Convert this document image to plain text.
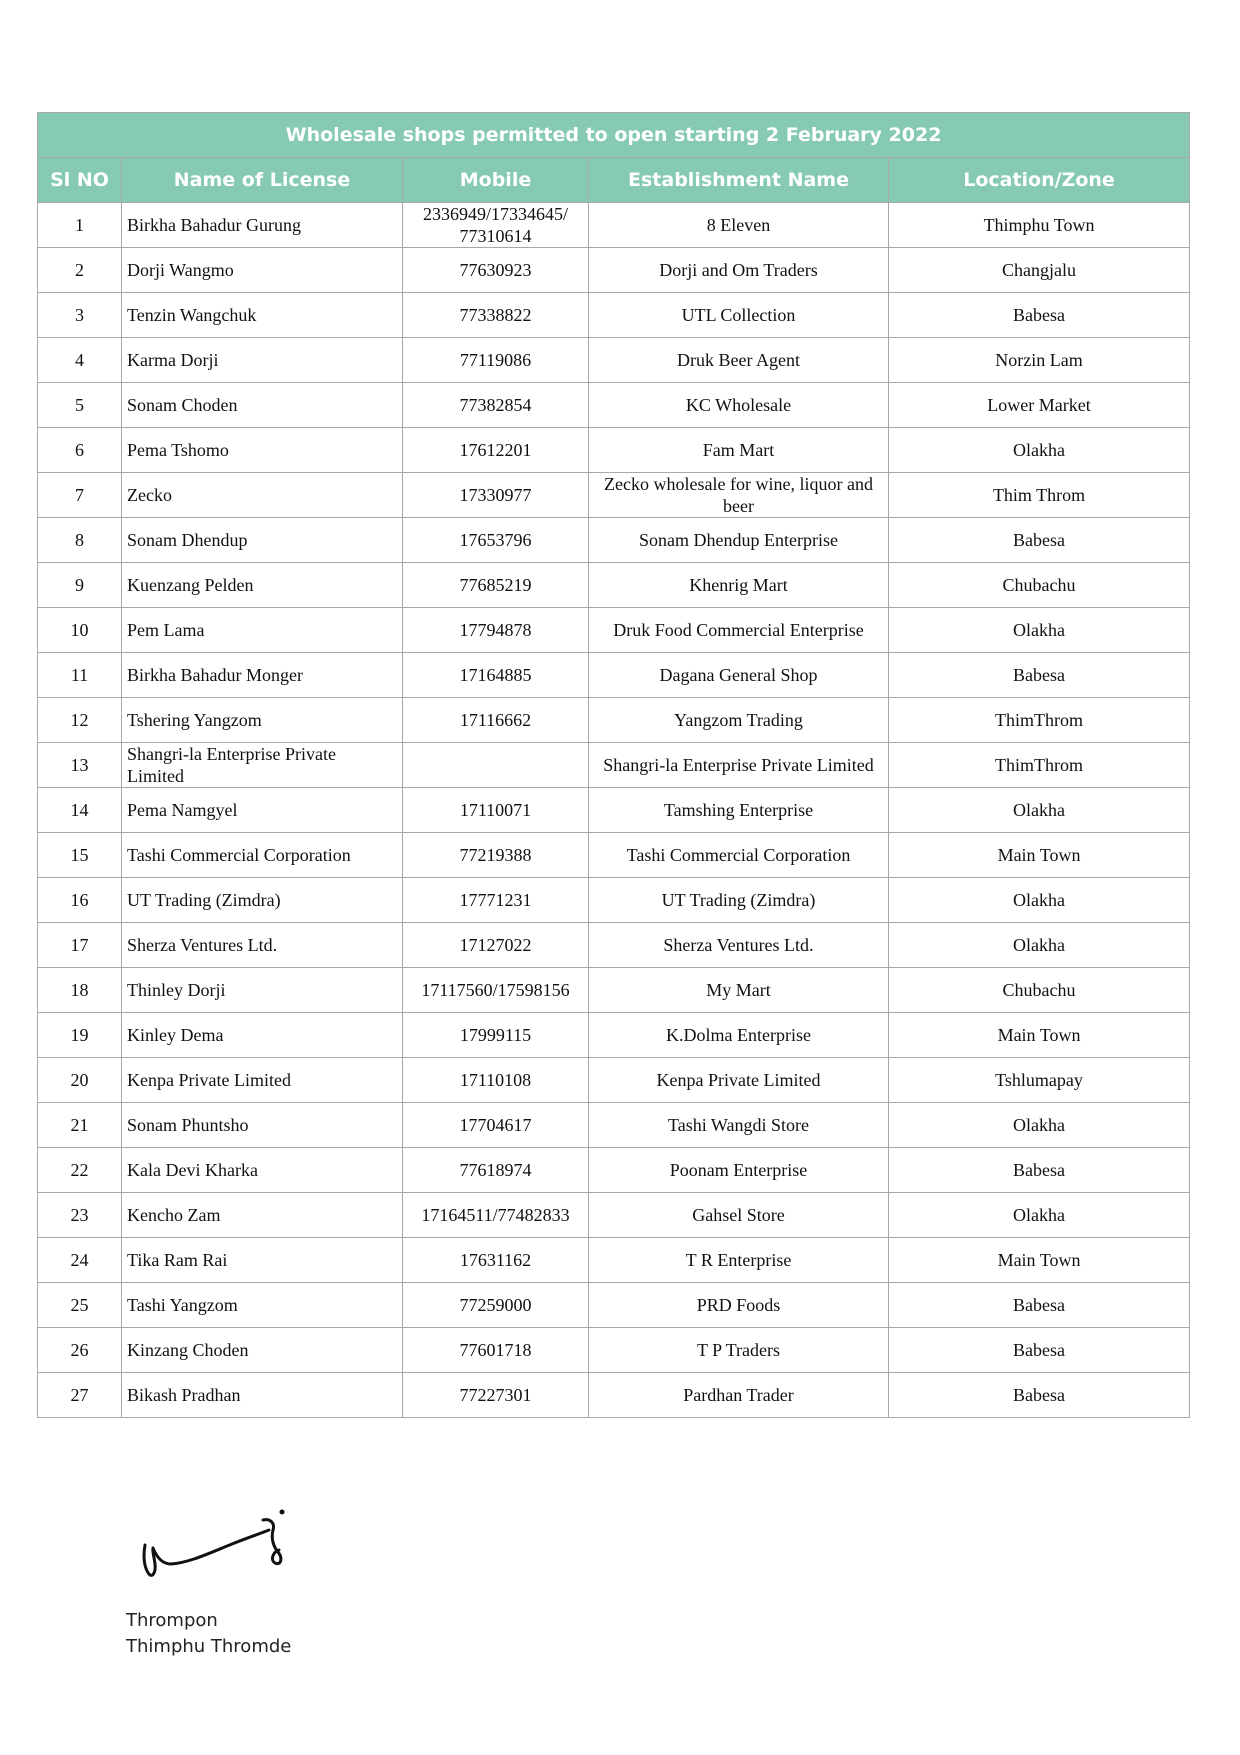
Wholesale shops permitted to open starting 2 February 2022				
Sl NO	Name of License	Mobile	Establishment Name	Location/Zone
1	Birkha Bahadur Gurung	2336949/17334645/ 77310614	8 Eleven	Thimphu Town
2	Dorji Wangmo	77630923	Dorji and Om Traders	Changjalu
3	Tenzin Wangchuk	77338822	UTL Collection	Babesa
4	Karma Dorji	77119086	Druk Beer Agent	Norzin Lam
5	Sonam Choden	77382854	KC Wholesale	Lower Market
6	Pema Tshomo	17612201	Fam Mart	Olakha
7	Zecko	17330977	Zecko wholesale for wine, liquor and beer	Thim Throm
8	Sonam Dhendup	17653796	Sonam Dhendup Enterprise	Babesa
9	Kuenzang Pelden	77685219	Khenrig Mart	Chubachu
10	Pem Lama	17794878	Druk Food Commercial Enterprise	Olakha
11	Birkha Bahadur Monger	17164885	Dagana General Shop	Babesa
12	Tshering Yangzom	17116662	Yangzom Trading	ThimThrom
13	Shangri-la Enterprise Private Limited		Shangri-la Enterprise Private Limited	ThimThrom
14	Pema Namgyel	17110071	Tamshing Enterprise	Olakha
15	Tashi Commercial Corporation	77219388	Tashi Commercial Corporation	Main Town
16	UT Trading (Zimdra)	17771231	UT Trading (Zimdra)	Olakha
17	Sherza Ventures Ltd.	17127022	Sherza Ventures Ltd.	Olakha
18	Thinley Dorji	17117560/17598156	My Mart	Chubachu
19	Kinley Dema	17999115	K.Dolma Enterprise	Main Town
20	Kenpa Private Limited	17110108	Kenpa Private Limited	Tshlumapay
21	Sonam Phuntsho	17704617	Tashi Wangdi Store	Olakha
22	Kala Devi Kharka	77618974	Poonam Enterprise	Babesa
23	Kencho Zam	17164511/77482833	Gahsel Store	Olakha
24	Tika Ram Rai	17631162	T R Enterprise	Main Town
25	Tashi Yangzom	77259000	PRD Foods	Babesa
26	Kinzang Choden	77601718	T P Traders	Babesa
27	Bikash Pradhan	77227301	Pardhan Trader	Babesa
Thrompon
Thimphu Thromde
